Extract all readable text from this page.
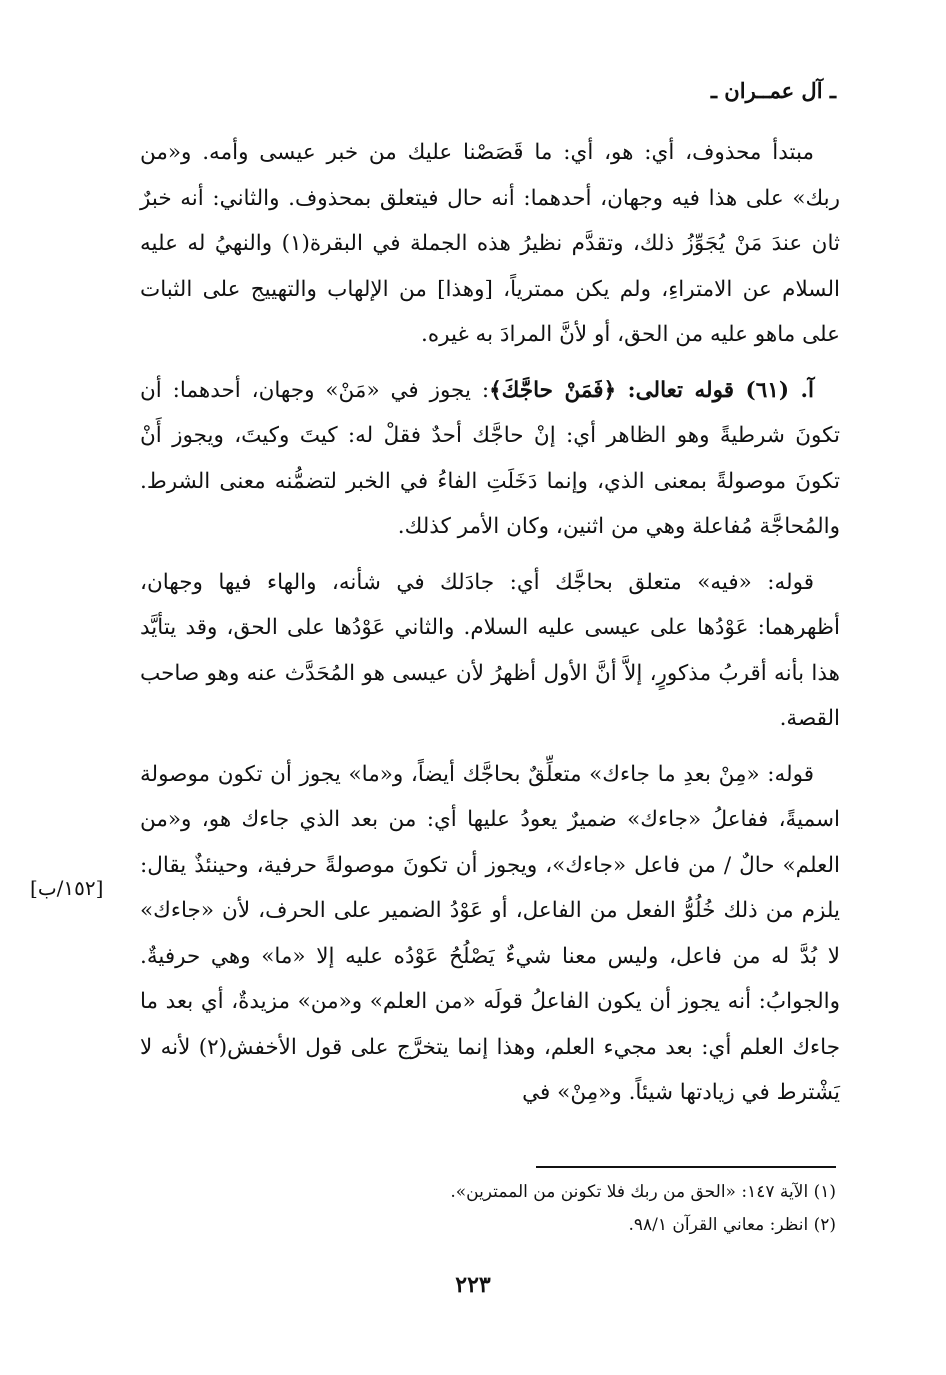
ـ آل عمــران ـ

مبتدأ محذوف، أي: هو، أي: ما قَصَصْنا عليك من خبر عيسى وأمه. و«من ربك» على هذا فيه وجهان، أحدهما: أنه حال فيتعلق بمحذوف. والثاني: أنه خبرٌ ثان عندَ مَنْ يُجَوِّزُ ذلك، وتقدَّم نظيرُ هذه الجملة في البقرة(١) والنهيُ له عليه السلام عن الامتراءِ، ولم يكن ممترياً، [وهذا] من الإلهاب والتهييج على الثبات على ماهو عليه من الحق، أو لأنَّ المرادَ به غيره.

آ. (٦١) قوله تعالى: ﴿فَمَنْ حاجَّكَ﴾: يجوز في «مَنْ» وجهان، أحدهما: أن تكونَ شرطيةً وهو الظاهر أي: إنْ حاجَّك أحدٌ فقلْ له: كيتَ وكيتَ، ويجوز أَنْ تكونَ موصولةً بمعنى الذي، وإنما دَخَلَتِ الفاءُ في الخبر لتضمُّنه معنى الشرط. والمُحاجَّة مُفاعلة وهي من اثنين، وكان الأمر كذلك.

قوله: «فيه» متعلق بحاجَّك أي: جادَلك في شأنه، والهاء فيها وجهان، أظهرهما: عَوْدُها على عيسى عليه السلام. والثاني عَوْدُها على الحق، وقد يتأيَّد هذا بأنه أقربُ مذكورٍ، إلاَّ أنَّ الأول أظهرُ لأن عيسى هو المُحَدَّث عنه وهو صاحب القصة.

قوله: «مِنْ بعدِ ما جاءك» متعلِّقٌ بحاجَّك أيضاً، و«ما» يجوز أن تكون موصولة اسميةً، ففاعلُ «جاءك» ضميرٌ يعودُ عليها أي: من بعد الذي جاءك هو، و«من العلم» حالٌ / من فاعل «جاءك»، ويجوز أن تكونَ موصولةً حرفية، وحينئذٌ يقال: يلزم من ذلك خُلُوُّ الفعل من الفاعل، أو عَوْدُ الضمير على الحرف، لأن «جاءك» لا بُدَّ له من فاعل، وليس معنا شيءٌ يَصْلُحُ عَوْدُه عليه إلا «ما» وهي حرفيةٌ. والجوابُ: أنه يجوز أن يكون الفاعلُ قولَه «من العلم» و«من» مزيدةٌ، أي بعد ما جاءك العلم أي: بعد مجيء العلم، وهذا إنما يتخرَّج على قول الأخفش(٢) لأنه لا يَشْترط في زيادتها شيئاً. و«مِنْ» في

[١٥٢/ب]

(١) الآية ١٤٧: «الحق من ربك فلا تكونن من الممترين».

(٢) انظر: معاني القرآن ٩٨/١.

٢٢٣
